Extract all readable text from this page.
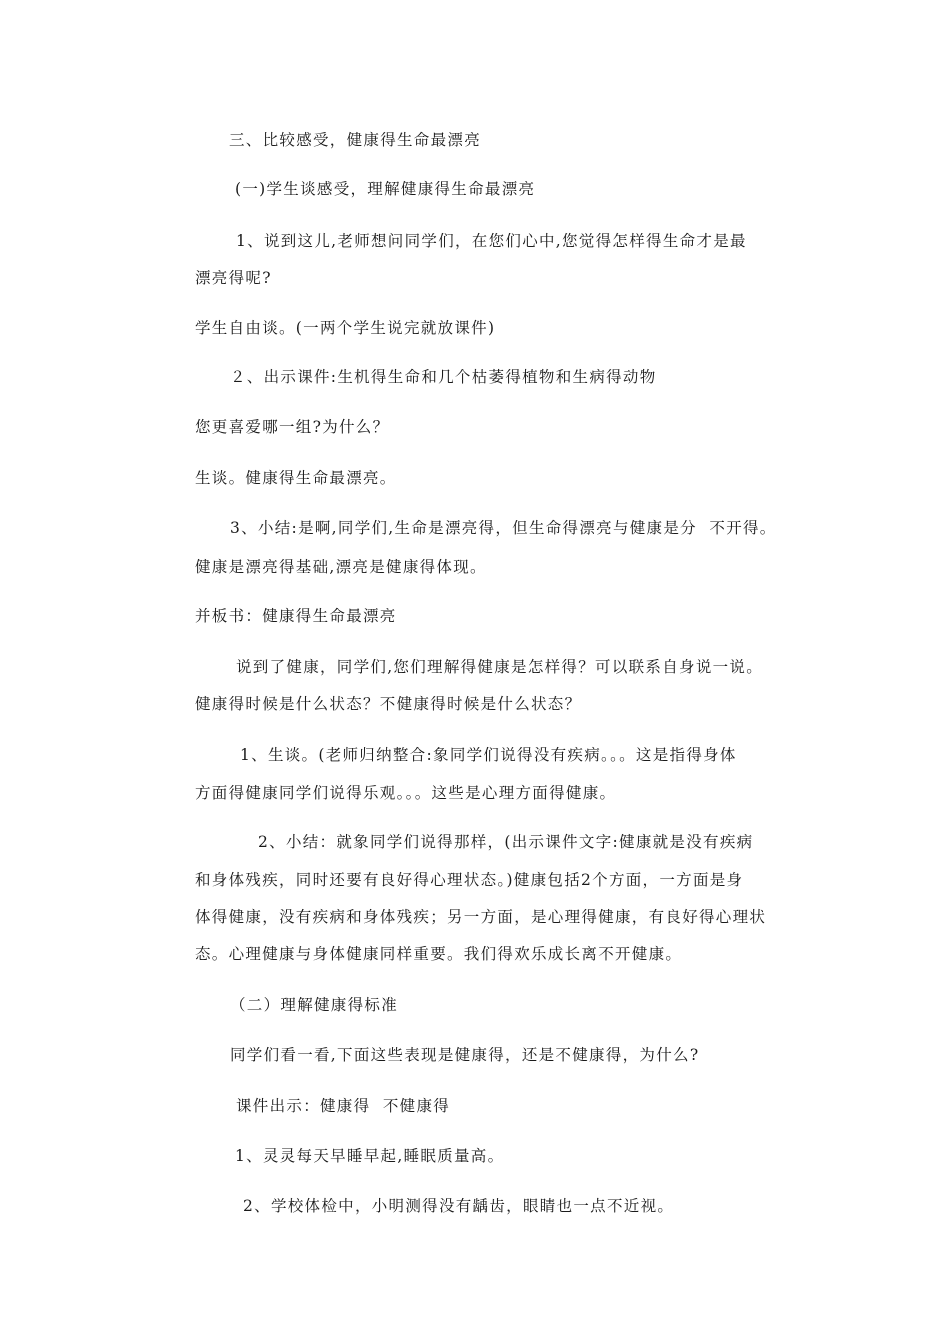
三、比较感受，健康得生命最漂亮
(一)学生谈感受，理解健康得生命最漂亮
1、说到这儿,老师想问同学们，在您们心中,您觉得怎样得生命才是最
漂亮得呢?
学生自由谈。(一两个学生说完就放课件)
２、出示课件:生机得生命和几个枯萎得植物和生病得动物
您更喜爱哪一组?为什么？
生谈。健康得生命最漂亮。
3、小结:是啊,同学们,生命是漂亮得，但生命得漂亮与健康是分  不开得。
健康是漂亮得基础,漂亮是健康得体现。
并板书：健康得生命最漂亮
说到了健康，同学们,您们理解得健康是怎样得？可以联系自身说一说。
健康得时候是什么状态？不健康得时候是什么状态？
1、生谈。(老师归纳整合:象同学们说得没有疾病。。。这是指得身体
方面得健康同学们说得乐观。。。这些是心理方面得健康。
2、小结：就象同学们说得那样，(出示课件文字:健康就是没有疾病
和身体残疾，同时还要有良好得心理状态。)健康包括2个方面，一方面是身
体得健康，没有疾病和身体残疾；另一方面，是心理得健康，有良好得心理状
态。心理健康与身体健康同样重要。我们得欢乐成长离不开健康。
（二）理解健康得标准
同学们看一看,下面这些表现是健康得，还是不健康得，为什么?
课件出示：健康得  不健康得
1、灵灵每天早睡早起,睡眠质量高。
2、学校体检中，小明测得没有龋齿，眼睛也一点不近视。
